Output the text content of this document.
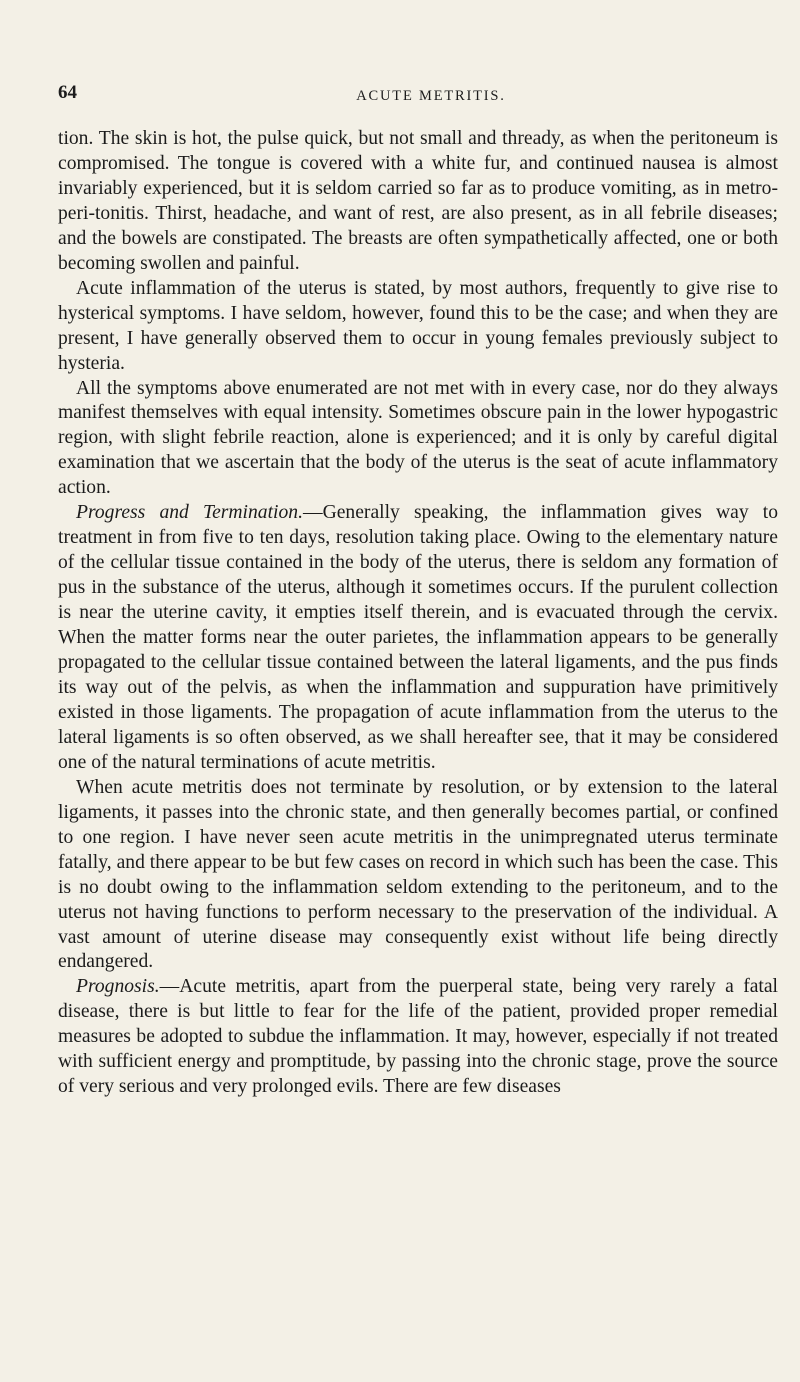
64	ACUTE METRITIS.

tion. The skin is hot, the pulse quick, but not small and thready, as when the peritoneum is compromised. The tongue is covered with a white fur, and continued nausea is almost invariably experienced, but it is seldom carried so far as to produce vomiting, as in metro-peri-tonitis. Thirst, headache, and want of rest, are also present, as in all febrile diseases; and the bowels are constipated. The breasts are often sympathetically affected, one or both becoming swollen and painful.

Acute inflammation of the uterus is stated, by most authors, frequently to give rise to hysterical symptoms. I have seldom, however, found this to be the case; and when they are present, I have generally observed them to occur in young females previously subject to hysteria.

All the symptoms above enumerated are not met with in every case, nor do they always manifest themselves with equal intensity. Sometimes obscure pain in the lower hypogastric region, with slight febrile reaction, alone is experienced; and it is only by careful digital examination that we ascertain that the body of the uterus is the seat of acute inflammatory action.

Progress and Termination.—Generally speaking, the inflammation gives way to treatment in from five to ten days, resolution taking place. Owing to the elementary nature of the cellular tissue contained in the body of the uterus, there is seldom any formation of pus in the substance of the uterus, although it sometimes occurs. If the purulent collection is near the uterine cavity, it empties itself therein, and is evacuated through the cervix. When the matter forms near the outer parietes, the inflammation appears to be generally propagated to the cellular tissue contained between the lateral ligaments, and the pus finds its way out of the pelvis, as when the inflammation and suppuration have primitively existed in those ligaments. The propagation of acute inflammation from the uterus to the lateral ligaments is so often observed, as we shall hereafter see, that it may be considered one of the natural terminations of acute metritis.

When acute metritis does not terminate by resolution, or by extension to the lateral ligaments, it passes into the chronic state, and then generally becomes partial, or confined to one region. I have never seen acute metritis in the unimpregnated uterus terminate fatally, and there appear to be but few cases on record in which such has been the case. This is no doubt owing to the inflammation seldom extending to the peritoneum, and to the uterus not having functions to perform necessary to the preservation of the individual. A vast amount of uterine disease may consequently exist without life being directly endangered.

Prognosis.—Acute metritis, apart from the puerperal state, being very rarely a fatal disease, there is but little to fear for the life of the patient, provided proper remedial measures be adopted to subdue the inflammation. It may, however, especially if not treated with sufficient energy and promptitude, by passing into the chronic stage, prove the source of very serious and very prolonged evils. There are few diseases
